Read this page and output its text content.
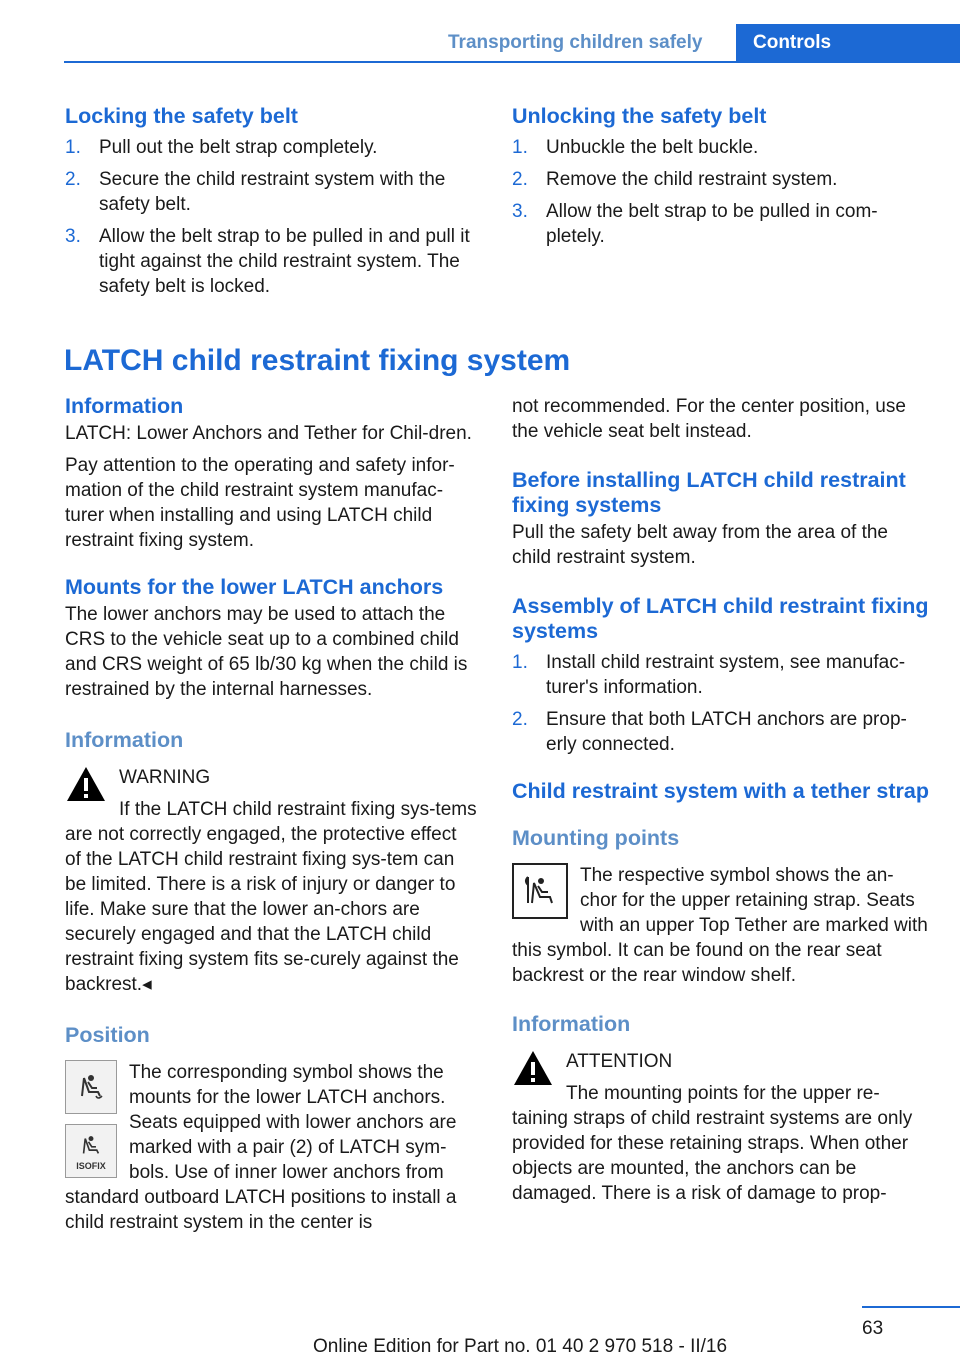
Transporting children safely	Controls
Locking the safety belt
1. Pull out the belt strap completely.
2. Secure the child restraint system with the safety belt.
3. Allow the belt strap to be pulled in and pull it tight against the child restraint system. The safety belt is locked.
Unlocking the safety belt
1. Unbuckle the belt buckle.
2. Remove the child restraint system.
3. Allow the belt strap to be pulled in com-pletely.
LATCH child restraint fixing system
Information
LATCH: Lower Anchors and Tether for Chil-dren.
Pay attention to the operating and safety infor-mation of the child restraint system manufac-turer when installing and using LATCH child restraint fixing system.
Mounts for the lower LATCH anchors
The lower anchors may be used to attach the CRS to the vehicle seat up to a combined child and CRS weight of 65 lb/30 kg when the child is restrained by the internal harnesses.
Information
WARNING
If the LATCH child restraint fixing sys-tems are not correctly engaged, the protective effect of the LATCH child restraint fixing sys-tem can be limited. There is a risk of injury or danger to life. Make sure that the lower an-chors are securely engaged and that the LATCH child restraint fixing system fits se-curely against the backrest.◂
Position
ISOFIX
The corresponding symbol shows the mounts for the lower LATCH anchors. Seats equipped with lower anchors are marked with a pair (2) of LATCH sym-bols. Use of inner lower anchors from standard outboard LATCH positions to install a child restraint system in the center is
not recommended. For the center position, use the vehicle seat belt instead.
Before installing LATCH child restraint fixing systems
Pull the safety belt away from the area of the child restraint system.
Assembly of LATCH child restraint fixing systems
1. Install child restraint system, see manufac-turer's information.
2. Ensure that both LATCH anchors are prop-erly connected.
Child restraint system with a tether strap
Mounting points
The respective symbol shows the an-chor for the upper retaining strap. Seats with an upper Top Tether are marked with this symbol. It can be found on the rear seat backrest or the rear window shelf.
Information
ATTENTION
The mounting points for the upper re-taining straps of child restraint systems are only provided for these retaining straps. When other objects are mounted, the anchors can be damaged. There is a risk of damage to prop-
63
Online Edition for Part no. 01 40 2 970 518 - II/16
